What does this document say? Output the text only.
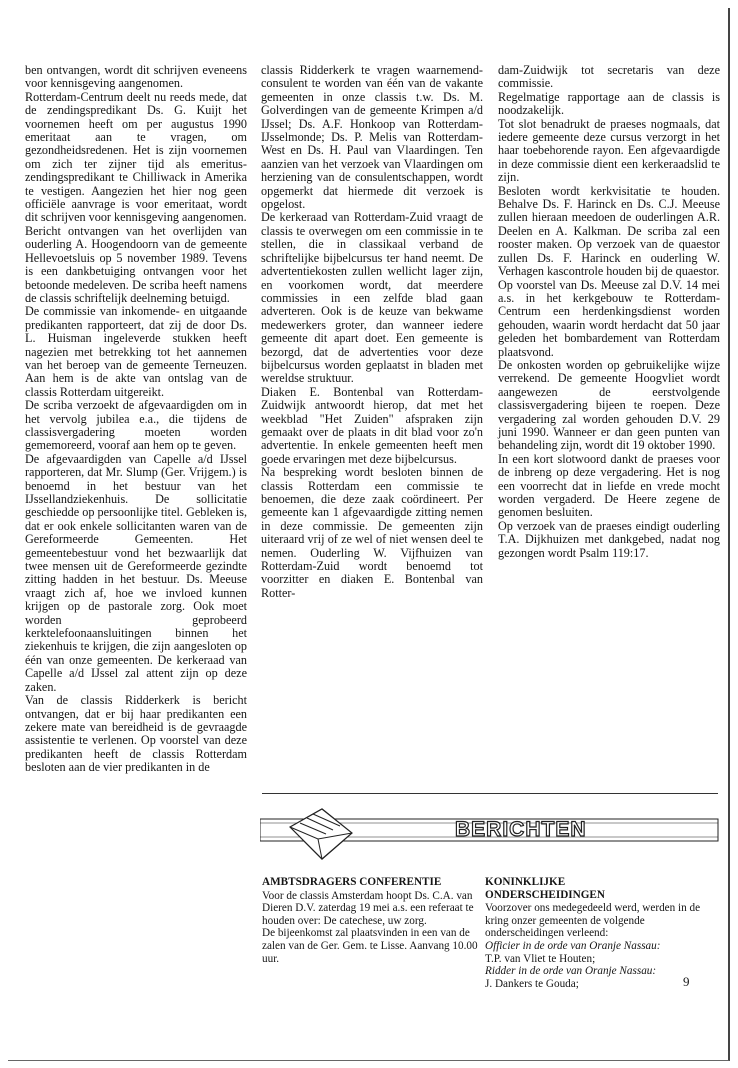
ben ontvangen, wordt dit schrijven eveneens voor kennisgeving aangenomen.

Rotterdam-Centrum deelt nu reeds mede, dat de zendingspredikant Ds. G. Kuijt het voornemen heeft om per augustus 1990 emeritaat aan te vragen, om gezondheidsredenen. Het is zijn voornemen om zich ter zijner tijd als emeritus-zendingspredikant te Chilliwack in Amerika te vestigen. Aangezien het hier nog geen officiële aanvrage is voor emeritaat, wordt dit schrijven voor kennisgeving aangenomen.

Bericht ontvangen van het overlijden van ouderling A. Hoogendoorn van de gemeente Hellevoetsluis op 5 november 1989. Tevens is een dankbetuiging ontvangen voor het betoonde medeleven. De scriba heeft namens de classis schriftelijk deelneming betuigd.

De commissie van inkomende- en uitgaande predikanten rapporteert, dat zij de door Ds. L. Huisman ingeleverde stukken heeft nagezien met betrekking tot het aannemen van het beroep van de gemeente Terneuzen. Aan hem is de akte van ontslag van de classis Rotterdam uitgereikt.

De scriba verzoekt de afgevaardigden om in het vervolg jubilea e.a., die tijdens de classisvergadering moeten worden gememoreerd, vooraf aan hem op te geven.

De afgevaardigden van Capelle a/d IJssel rapporteren, dat Mr. Slump (Ger. Vrijgem.) is benoemd in het bestuur van het IJssellandziekenhuis. De sollicitatie geschiedde op persoonlijke titel. Gebleken is, dat er ook enkele sollicitanten waren van de Gereformeerde Gemeenten. Het gemeentebestuur vond het bezwaarlijk dat twee mensen uit de Gereformeerde gezindte zitting hadden in het bestuur. Ds. Meeuse vraagt zich af, hoe we invloed kunnen krijgen op de pastorale zorg. Ook moet worden geprobeerd kerktelefoonaansluitingen binnen het ziekenhuis te krijgen, die zijn aangesloten op één van onze gemeenten. De kerkeraad van Capelle a/d IJssel zal attent zijn op deze zaken.

Van de classis Ridderkerk is bericht ontvangen, dat er bij haar predikanten een zekere mate van bereidheid is de gevraagde assistentie te verlenen. Op voorstel van deze predikanten heeft de classis Rotterdam besloten aan de vier predikanten in de

classis Ridderkerk te vragen waarnemend-consulent te worden van één van de vakante gemeenten in onze classis t.w. Ds. M. Golverdingen van de gemeente Krimpen a/d IJssel; Ds. A.F. Honkoop van Rotterdam-IJsselmonde; Ds. P. Melis van Rotterdam-West en Ds. H. Paul van Vlaardingen. Ten aanzien van het verzoek van Vlaardingen om herziening van de consulentschappen, wordt opgemerkt dat hiermede dit verzoek is opgelost.

De kerkeraad van Rotterdam-Zuid vraagt de classis te overwegen om een commissie in te stellen, die in classikaal verband de schriftelijke bijbelcursus ter hand neemt. De advertentiekosten zullen wellicht lager zijn, en voorkomen wordt, dat meerdere commissies in een zelfde blad gaan adverteren. Ook is de keuze van bekwame medewerkers groter, dan wanneer iedere gemeente dit apart doet. Een gemeente is bezorgd, dat de advertenties voor deze bijbelcursus worden geplaatst in bladen met wereldse struktuur.

Diaken E. Bontenbal van Rotterdam-Zuidwijk antwoordt hierop, dat met het weekblad "Het Zuiden" afspraken zijn gemaakt over de plaats in dit blad voor zo'n advertentie. In enkele gemeenten heeft men goede ervaringen met deze bijbelcursus.

Na bespreking wordt besloten binnen de classis Rotterdam een commissie te benoemen, die deze zaak coördineert. Per gemeente kan 1 afgevaardigde zitting nemen in deze commissie. De gemeenten zijn uiteraard vrij of ze wel of niet wensen deel te nemen. Ouderling W. Vijfhuizen van Rotterdam-Zuid wordt benoemd tot voorzitter en diaken E. Bontenbal van Rotter-

dam-Zuidwijk tot secretaris van deze commissie.

Regelmatige rapportage aan de classis is noodzakelijk.

Tot slot benadrukt de praeses nogmaals, dat iedere gemeente deze cursus verzorgt in het haar toebehorende rayon. Een afgevaardigde in deze commissie dient een kerkeraadslid te zijn.

Besloten wordt kerkvisitatie te houden. Behalve Ds. F. Harinck en Ds. C.J. Meeuse zullen hieraan meedoen de ouderlingen A.R. Deelen en A. Kalkman. De scriba zal een rooster maken. Op verzoek van de quaestor zullen Ds. F. Harinck en ouderling W. Verhagen kascontrole houden bij de quaestor.

Op voorstel van Ds. Meeuse zal D.V. 14 mei a.s. in het kerkgebouw te Rotterdam-Centrum een herdenkingsdienst worden gehouden, waarin wordt herdacht dat 50 jaar geleden het bombardement van Rotterdam plaatsvond.

De onkosten worden op gebruikelijke wijze verrekend. De gemeente Hoogvliet wordt aangewezen de eerstvolgende classisvergadering bijeen te roepen. Deze vergadering zal worden gehouden D.V. 29 juni 1990. Wanneer er dan geen punten van behandeling zijn, wordt dit 19 oktober 1990.

In een kort slotwoord dankt de praeses voor de inbreng op deze vergadering. Het is nog een voorrecht dat in liefde en vrede mocht worden vergaderd. De Heere zegene de genomen besluiten.

Op verzoek van de praeses eindigt ouderling T.A. Dijkhuizen met dankgebed, nadat nog gezongen wordt Psalm 119:17.

BERICHTEN
AMBTSDRAGERS CONFERENTIE

Voor de classis Amsterdam hoopt Ds. C.A. van Dieren D.V. zaterdag 19 mei a.s. een referaat te houden over: De catechese, uw zorg.

De bijeenkomst zal plaatsvinden in een van de zalen van de Ger. Gem. te Lisse. Aanvang 10.00 uur.

KONINKLIJKE
ONDERSCHEIDINGEN

Voorzover ons medegedeeld werd, werden in de kring onzer gemeenten de volgende onderscheidingen verleend:

Officier in de orde van Oranje Nassau:

T.P. van Vliet te Houten;

Ridder in de orde van Oranje Nassau:

J. Dankers te Gouda;	9
